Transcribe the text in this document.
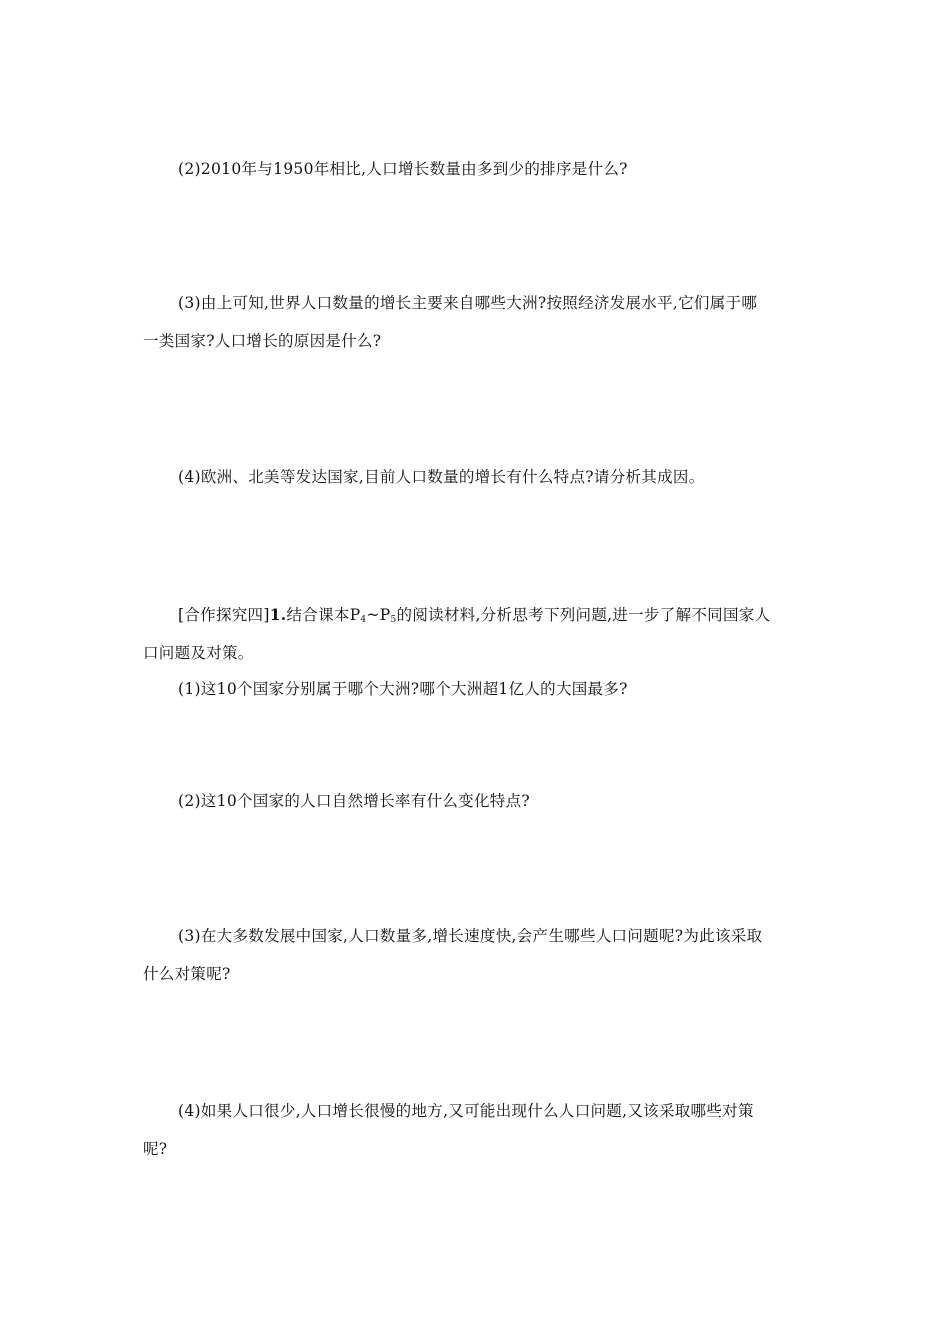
(2)2010年与1950年相比,人口增长数量由多到少的排序是什么?
(3)由上可知,世界人口数量的增长主要来自哪些大洲?按照经济发展水平,它们属于哪
一类国家?人口增长的原因是什么?
(4)欧洲、北美等发达国家,目前人口数量的增长有什么特点?请分析其成因。
[合作探究四]1.结合课本$P_4\sim P_5$的阅读材料,分析思考下列问题,进一步了解不同国家人
口问题及对策。
(1)这10个国家分别属于哪个大洲?哪个大洲超1亿人的大国最多?
(2)这10个国家的人口自然增长率有什么变化特点?
(3)在大多数发展中国家,人口数量多,增长速度快,会产生哪些人口问题呢?为此该采取
什么对策呢?
(4)如果人口很少,人口增长很慢的地方,又可能出现什么人口问题,又该采取哪些对策
呢?
